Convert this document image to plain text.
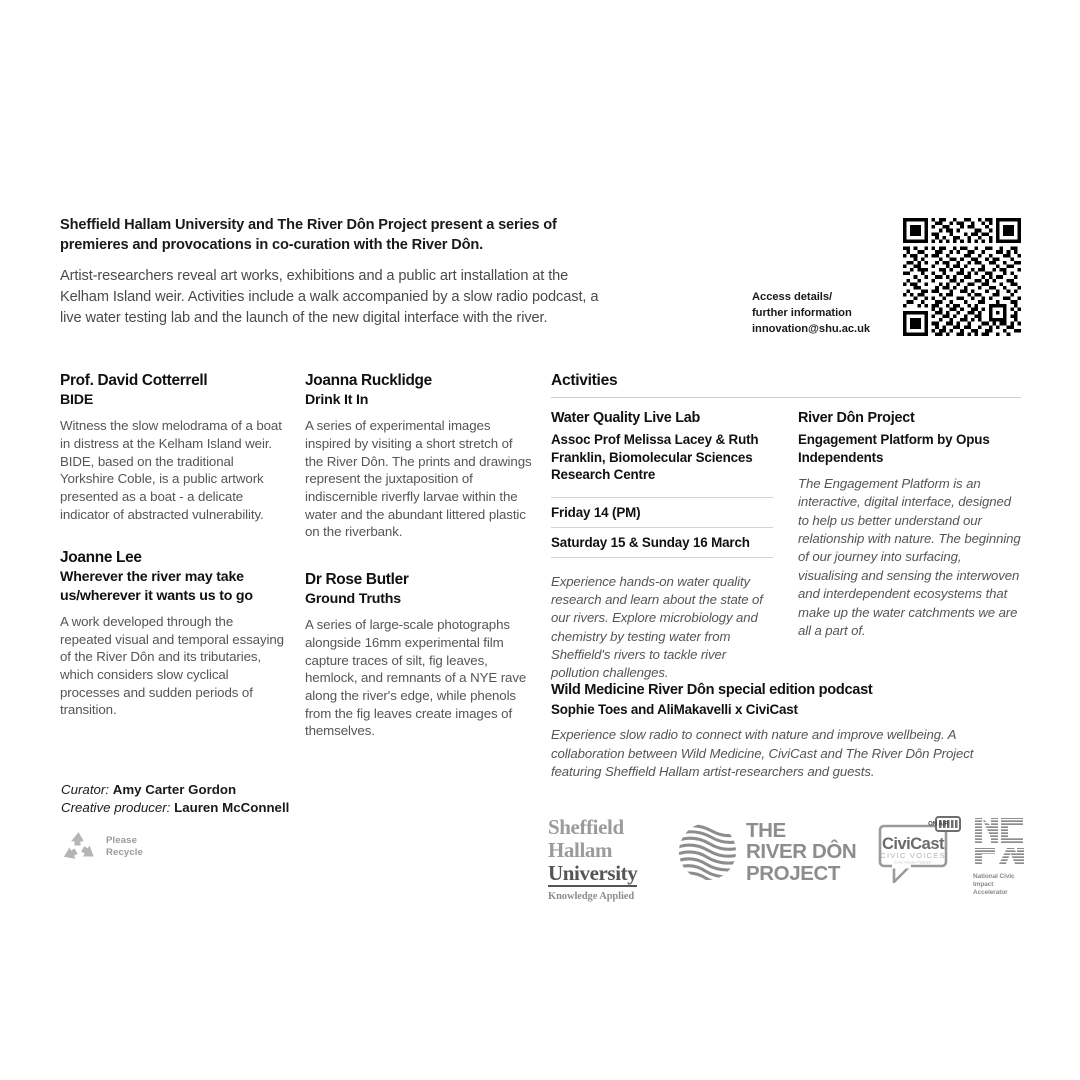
Sheffield Hallam University and The River Dôn Project present a series of premieres and provocations in co-curation with the River Dôn.

Artist-researchers reveal art works, exhibitions and a public art installation at the Kelham Island weir. Activities include a walk accompanied by a slow radio podcast, a live water testing lab and the launch of the new digital interface with the river.

Access details/
further information
innovation@shu.ac.uk

Prof. David Cotterrell

BIDE

Witness the slow melodrama of a boat in distress at the Kelham Island weir. BIDE, based on the traditional Yorkshire Coble, is a public artwork presented as a boat - a delicate indicator of abstracted vulnerability.

Joanne Lee

Wherever the river may take us/wherever it wants us to go

A work developed through the repeated visual and temporal essaying of the River Dôn and its tributaries, which considers slow cyclical processes and sudden periods of transition.

Joanna Rucklidge

Drink It In

A series of experimental images inspired by visiting a short stretch of the River Dôn. The prints and drawings represent the juxtaposition of indiscernible riverfly larvae within the water and the abundant littered plastic on the riverbank.

Dr Rose Butler

Ground Truths

A series of large-scale photographs alongside 16mm experimental film capture traces of silt, fig leaves, hemlock, and remnants of a NYE rave along the river's edge, while phenols from the fig leaves create images of themselves.

Activities

Water Quality Live Lab

Assoc Prof Melissa Lacey & Ruth Franklin, Biomolecular Sciences Research Centre

Friday 14 (PM)

Saturday 15 & Sunday 16 March

Experience hands-on water quality research and learn about the state of our rivers. Explore microbiology and chemistry by testing water from Sheffield's rivers to tackle river pollution challenges.

River Dôn Project

Engagement Platform by Opus Independents

The Engagement Platform is an interactive, digital interface, designed to help us better understand our relationship with nature. The beginning of our journey into surfacing, visualising and sensing the interwoven and interdependent ecosystems that make up the water catchments we are all a part of.

Wild Medicine River Dôn special edition podcast

Sophie Toes and AliMakavelli x CiviCast

Experience slow radio to connect with nature and improve wellbeing. A collaboration between Wild Medicine, CiviCast and The River Dôn Project featuring Sheffield Hallam artist-researchers and guests.

Curator: Amy Carter Gordon
Creative producer: Lauren McConnell
Please
Recycle
Sheffield
Hallam
University
Knowledge Applied
THE
RIVER DÔN
PROJECT
ON AIR
CiviCast
CIVIC VOICES
Civic Voices Podcast
National Civic
Impact Accelerator
